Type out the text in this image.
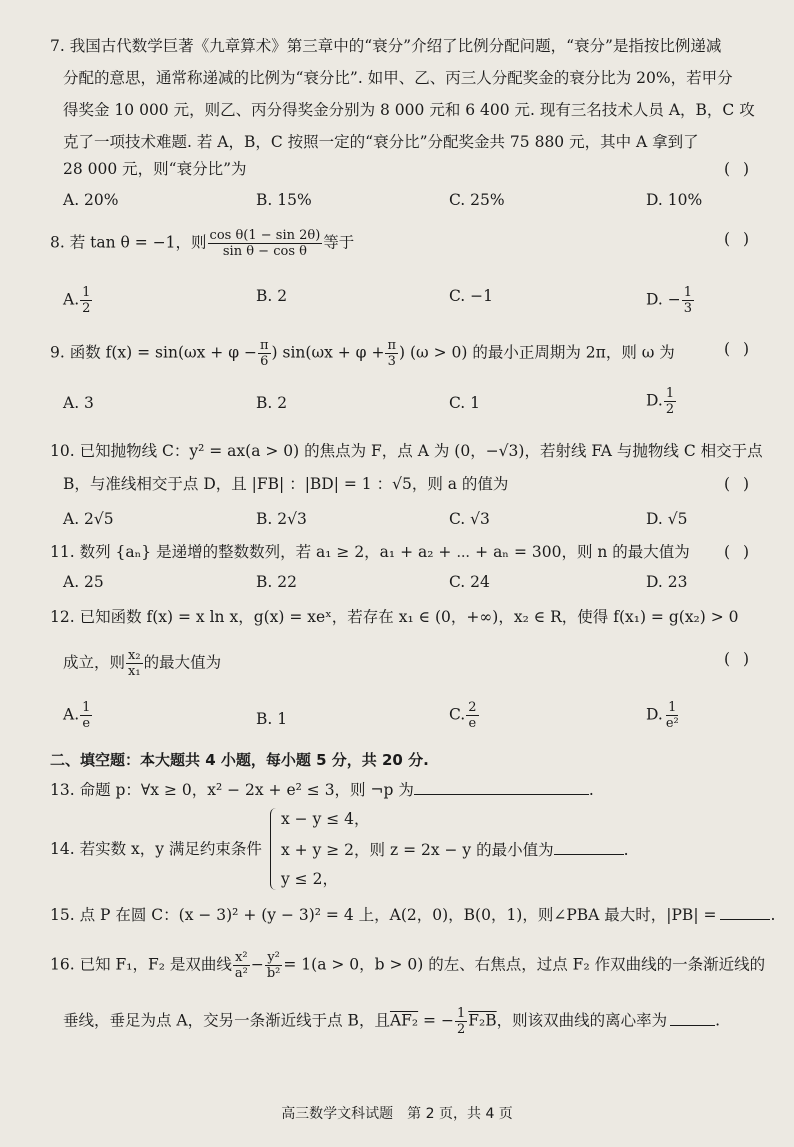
7. 我国古代数学巨著《九章算术》第三章中的“衰分”介绍了比例分配问题，“衰分”是指按比例递减
分配的意思，通常称递减的比例为“衰分比”. 如甲、乙、丙三人分配奖金的衰分比为 20%，若甲分
得奖金 10 000 元，则乙、丙分得奖金分别为 8 000 元和 6 400 元. 现有三名技术人员 A，B，C 攻
克了一项技术难题. 若 A，B，C 按照一定的“衰分比”分配奖金共 75 880 元，其中 A 拿到了
28 000 元，则“衰分比”为	( )
A. 20%	B. 15%	C. 25%	D. 10%
8. 若 tan θ = −1，则 $\frac{\text{cos θ(1 − sin 2θ)}}{\text{sin θ − cos θ}}$ 等于	( )
A. $\frac{1}{2}$	B. 2	C. −1	D. − $\frac{1}{3}$
9. 函数 $f(x) = \sin(\omega x + \varphi - \frac{\pi}{6}$ ) $\sin(\omega x + \varphi + \frac{\pi}{3}$ ) (ω > 0) 的最小正周期为 2π，则 ω 为	( )
A. 3	B. 2	C. 1	D. $\frac{1}{2}$
10. 已知抛物线 C：y² = ax(a > 0) 的焦点为 F，点 A 为 (0，−√3)，若射线 FA 与抛物线 C 相交于点
B，与准线相交于点 D，且 |FB| ：|BD| = 1 ：√5，则 a 的值为	( )
A. 2√5	B. 2√3	C. √3	D. √5
11. 数列 {aₙ} 是递增的整数数列，若 a₁ ≥ 2，a₁ + a₂ + ⋯ + aₙ = 300，则 n 的最大值为 ( )
A. 25	B. 22	C. 24	D. 23
12. 已知函数 f(x) = x ln x，g(x) = xeˣ，若存在 x₁ ∈ (0，+∞)，x₂ ∈ R，使得 f(x₁) = g(x₂) > 0
成立，则 $\frac{\text{x₂}}{\text{x₁}}$ 的最大值为	( )
A. $\frac{1}{e}$	B. 1	C. $\frac{2}{e}$	D. $\frac{1}{\text{e²}}$
二、填空题：本大题共 4 小题，每小题 5 分，共 20 分.
13. 命题 p：∀x ≥ 0，x² − 2x + e² ≤ 3，则 ¬p 为	.
14. 若实数 x，y 满足约束条件
x − y ≤ 4，
x + y ≥ 2，则 z = 2x − y 的最小值为	.
y ≤ 2，
15. 点 P 在圆 C：(x − 3)² + (y − 3)² = 4 上，A(2，0)，B(0，1)，则∠PBA 最大时，|PB| =	.
16. 已知 F₁，F₂ 是双曲线 $\frac{\text{x²}}{\text{a²}} - \frac{\text{y²}}{\text{b²}} = 1(a > 0$，b > 0) 的左、右焦点，过点 F₂ 作双曲线的一条渐近线的
垂线，垂足为点 A，交另一条渐近线于点 B，且AF₂ = − $\frac{1}{2} F_2B$，则该双曲线的离心率为	.
高三数学文科试题　第 2 页，共 4 页
